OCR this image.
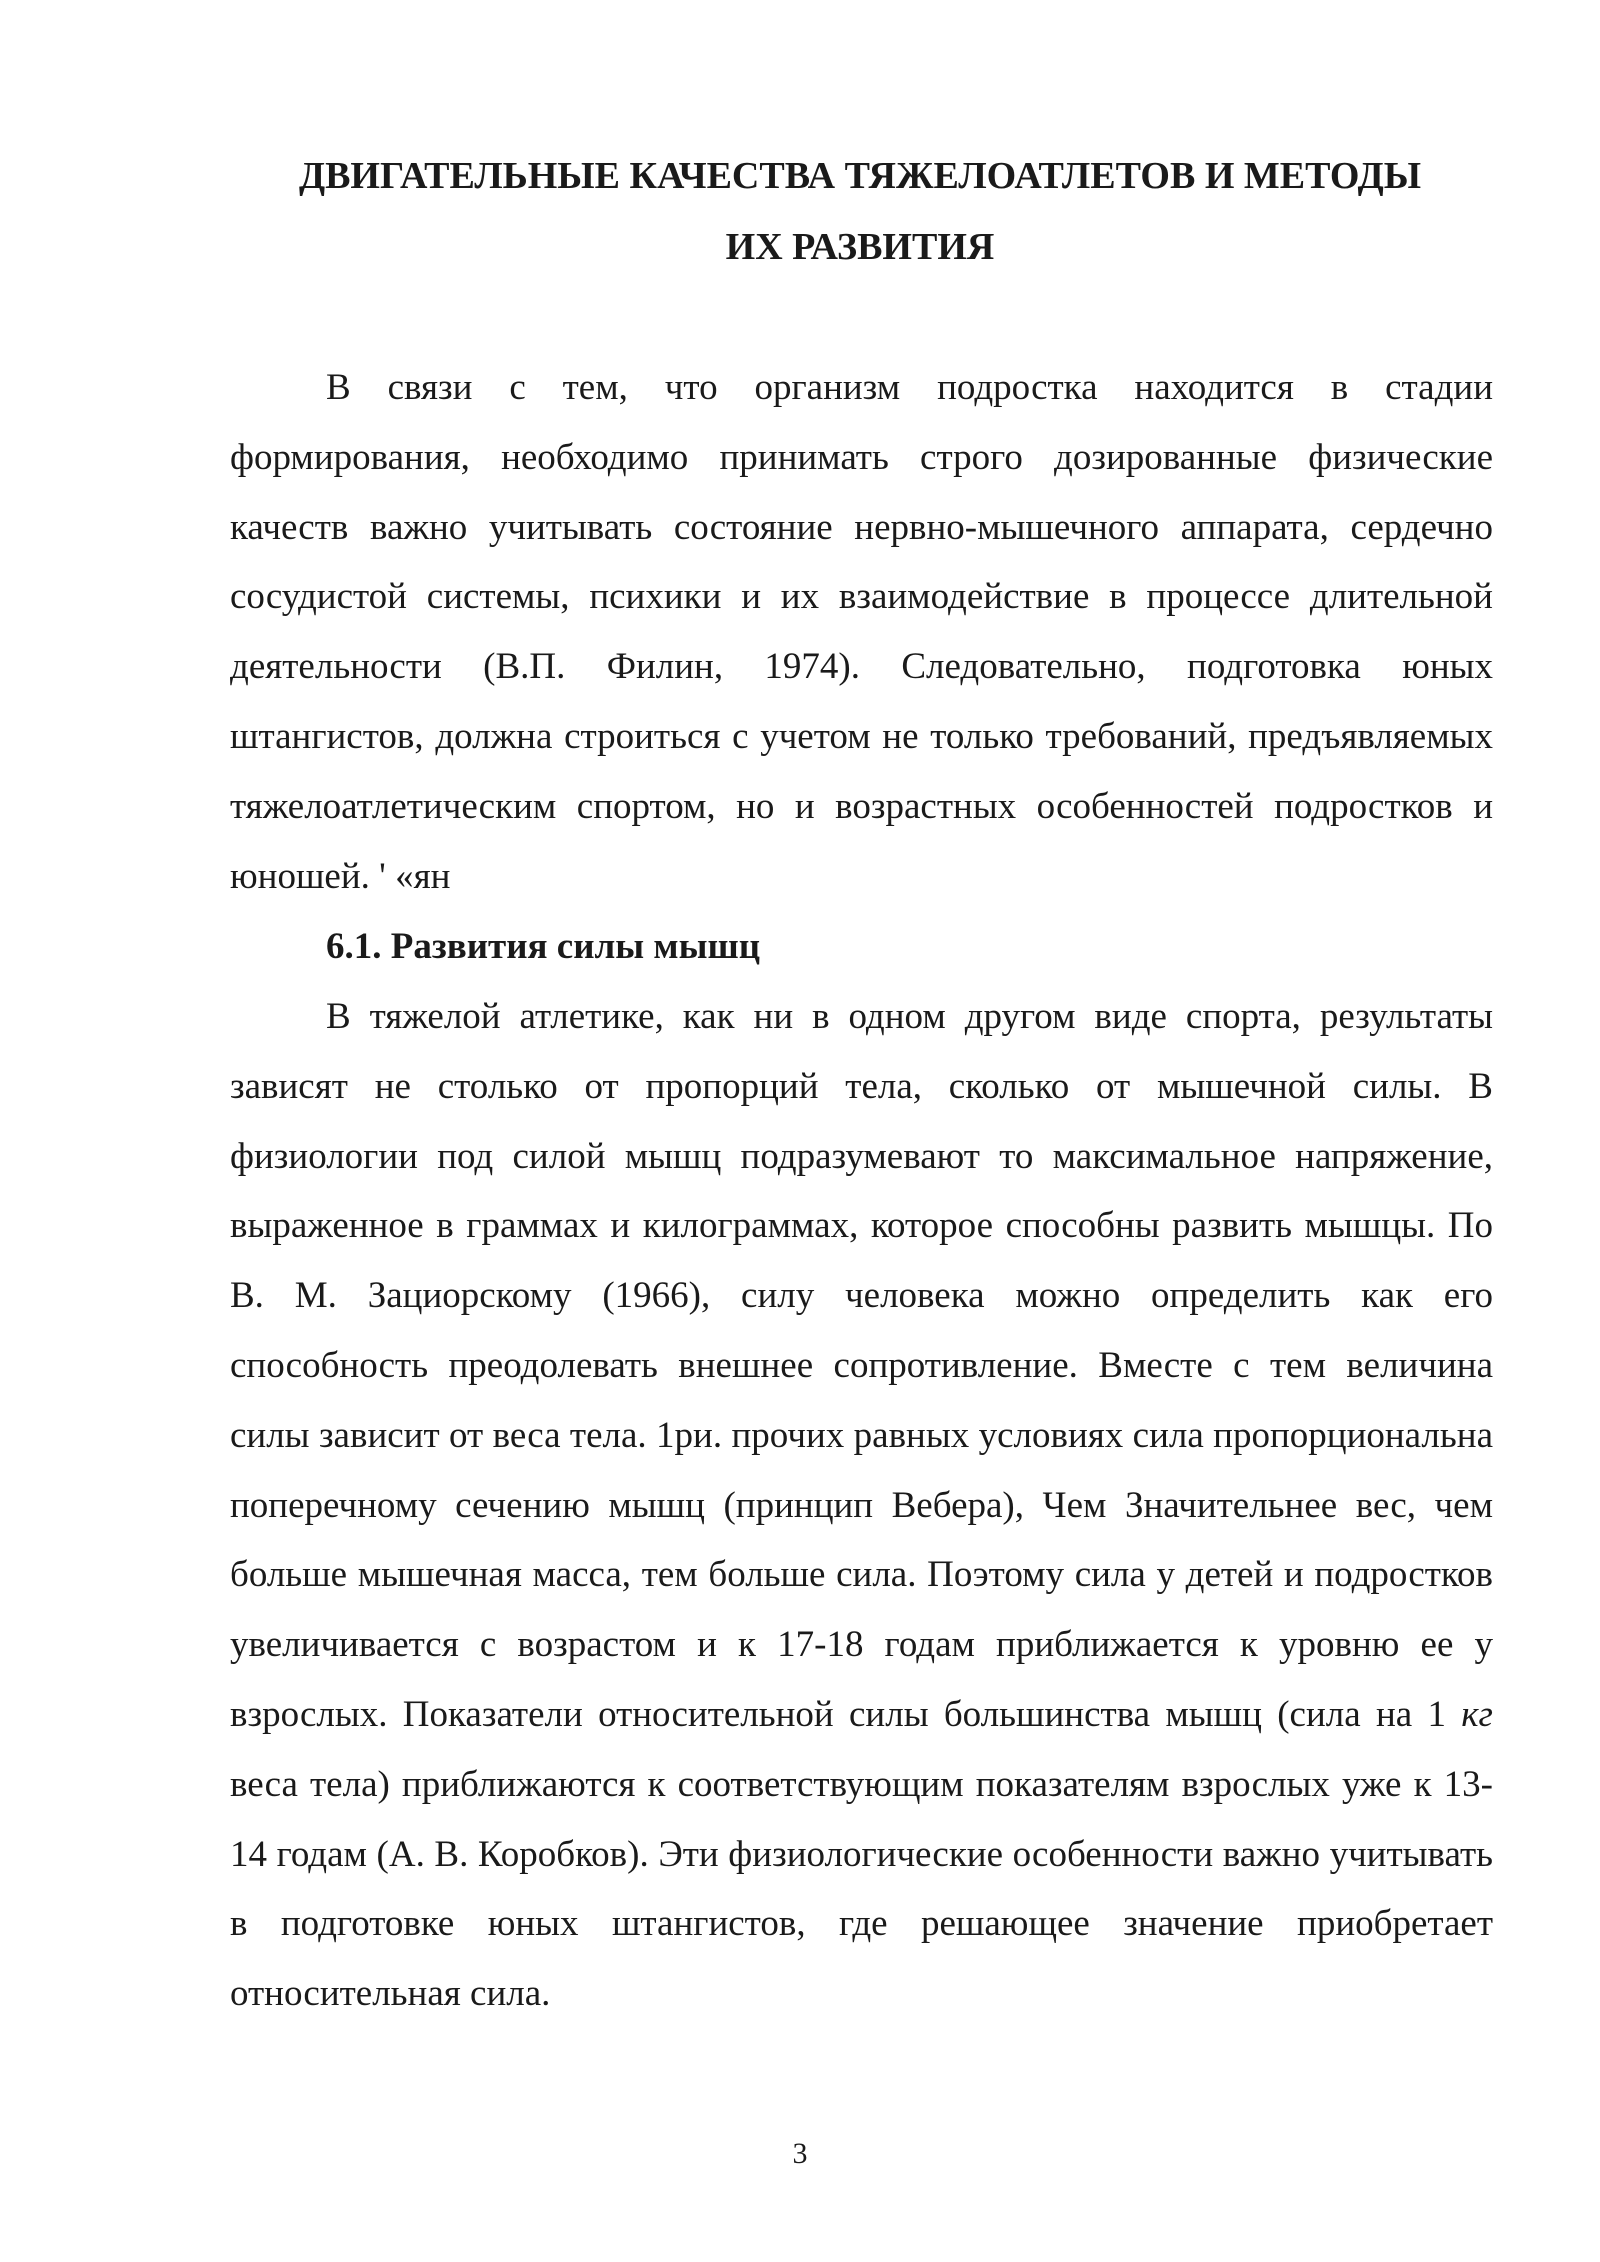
ДВИГАТЕЛЬНЫЕ КАЧЕСТВА ТЯЖЕЛОАТЛЕТОВ И МЕТОДЫ
ИХ РАЗВИТИЯ

В связи с тем, что организм подростка находится в стадии формирования, необходимо принимать строго дозированные физические качеств важно учитывать состояние нервно-мышечного аппарата, сердечно сосудистой системы, психики и их взаимодействие в процессе длительной деятельности (В.П. Филин, 1974). Следовательно, подготовка юных штангистов, должна строиться с учетом не только требований, предъявляемых тяжелоатлетическим спортом, но и возрастных особенностей подростков и юношей. ' «ян

6.1. Развития силы мышц

В тяжелой атлетике, как ни в одном другом виде спорта, результаты зависят не столько от пропорций тела, сколько от мышечной силы. В физиологии под силой мышц подразумевают то максимальное напряжение, выраженное в граммах и килограммах, которое способны развить мышцы. По В. М. Зациорскому (1966), силу человека можно определить как его способность преодолевать внешнее сопротивление. Вместе с тем величина силы зависит от веса тела. 1ри. прочих равных условиях сила пропорциональна поперечному сечению мышц (принцип Вебера), Чем Значительнее вес, чем больше мышечная масса, тем больше сила. Поэтому сила у детей и подростков увеличивается с возрастом и к 17-18 годам приближается к уровню ее у взрослых. Показатели относительной силы большинства мышц (сила на 1 кг веса тела) приближаются к соответствующим показателям взрослых уже к 13-14 годам (А. В. Коробков). Эти физиологические особенности важно учитывать в подготовке юных штангистов, где решающее значение приобретает относительная сила.

3
